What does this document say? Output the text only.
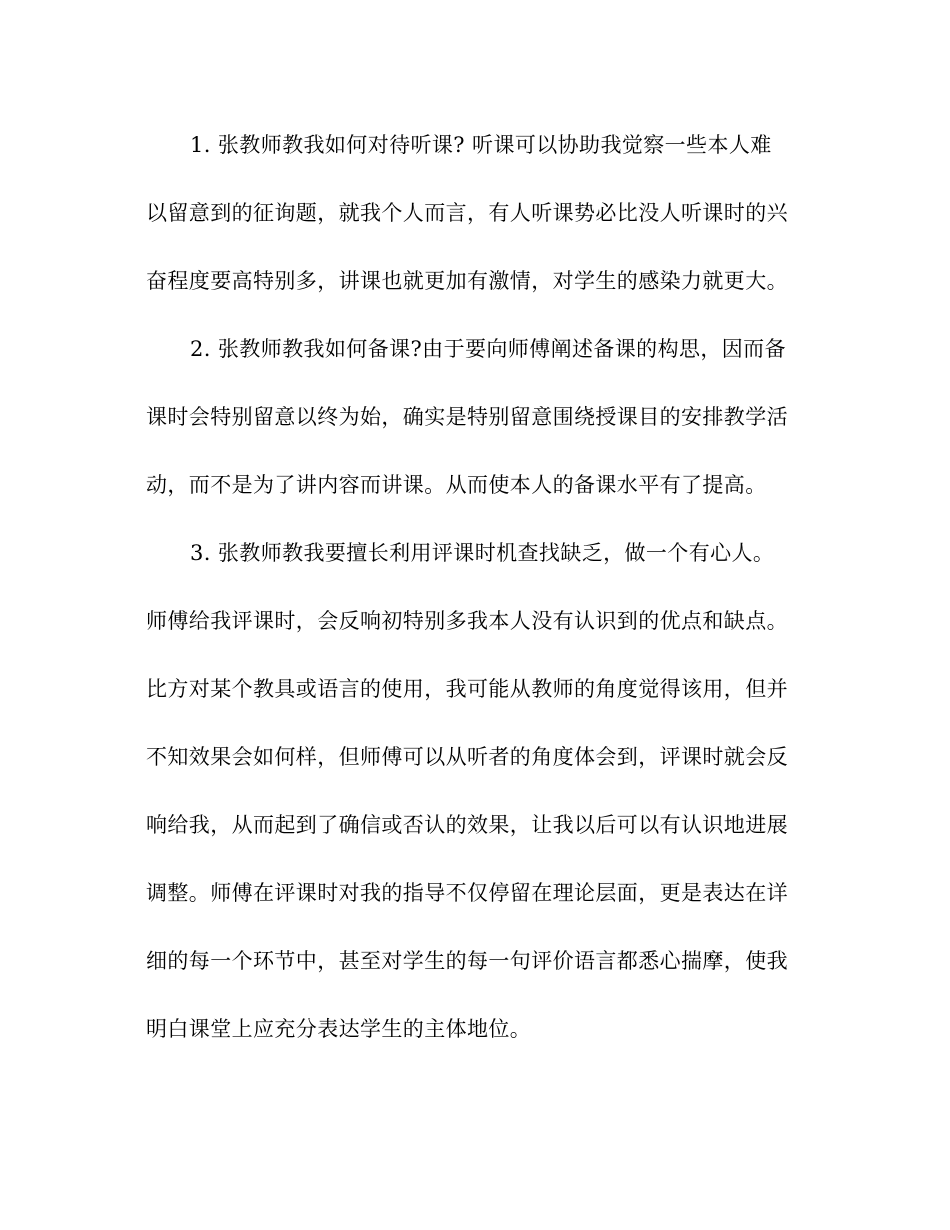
1. 张教师教我如何对待听课? 听课可以协助我觉察一些本人难
以留意到的征询题，就我个人而言，有人听课势必比没人听课时的兴
奋程度要高特别多，讲课也就更加有激情，对学生的感染力就更大。
2. 张教师教我如何备课?由于要向师傅阐述备课的构思，因而备
课时会特别留意以终为始，确实是特别留意围绕授课目的安排教学活
动，而不是为了讲内容而讲课。从而使本人的备课水平有了提高。
3. 张教师教我要擅长利用评课时机查找缺乏，做一个有心人。
师傅给我评课时，会反响初特别多我本人没有认识到的优点和缺点。
比方对某个教具或语言的使用，我可能从教师的角度觉得该用，但并
不知效果会如何样，但师傅可以从听者的角度体会到，评课时就会反
响给我，从而起到了确信或否认的效果，让我以后可以有认识地进展
调整。师傅在评课时对我的指导不仅停留在理论层面，更是表达在详
细的每一个环节中，甚至对学生的每一句评价语言都悉心揣摩，使我
明白课堂上应充分表达学生的主体地位。
